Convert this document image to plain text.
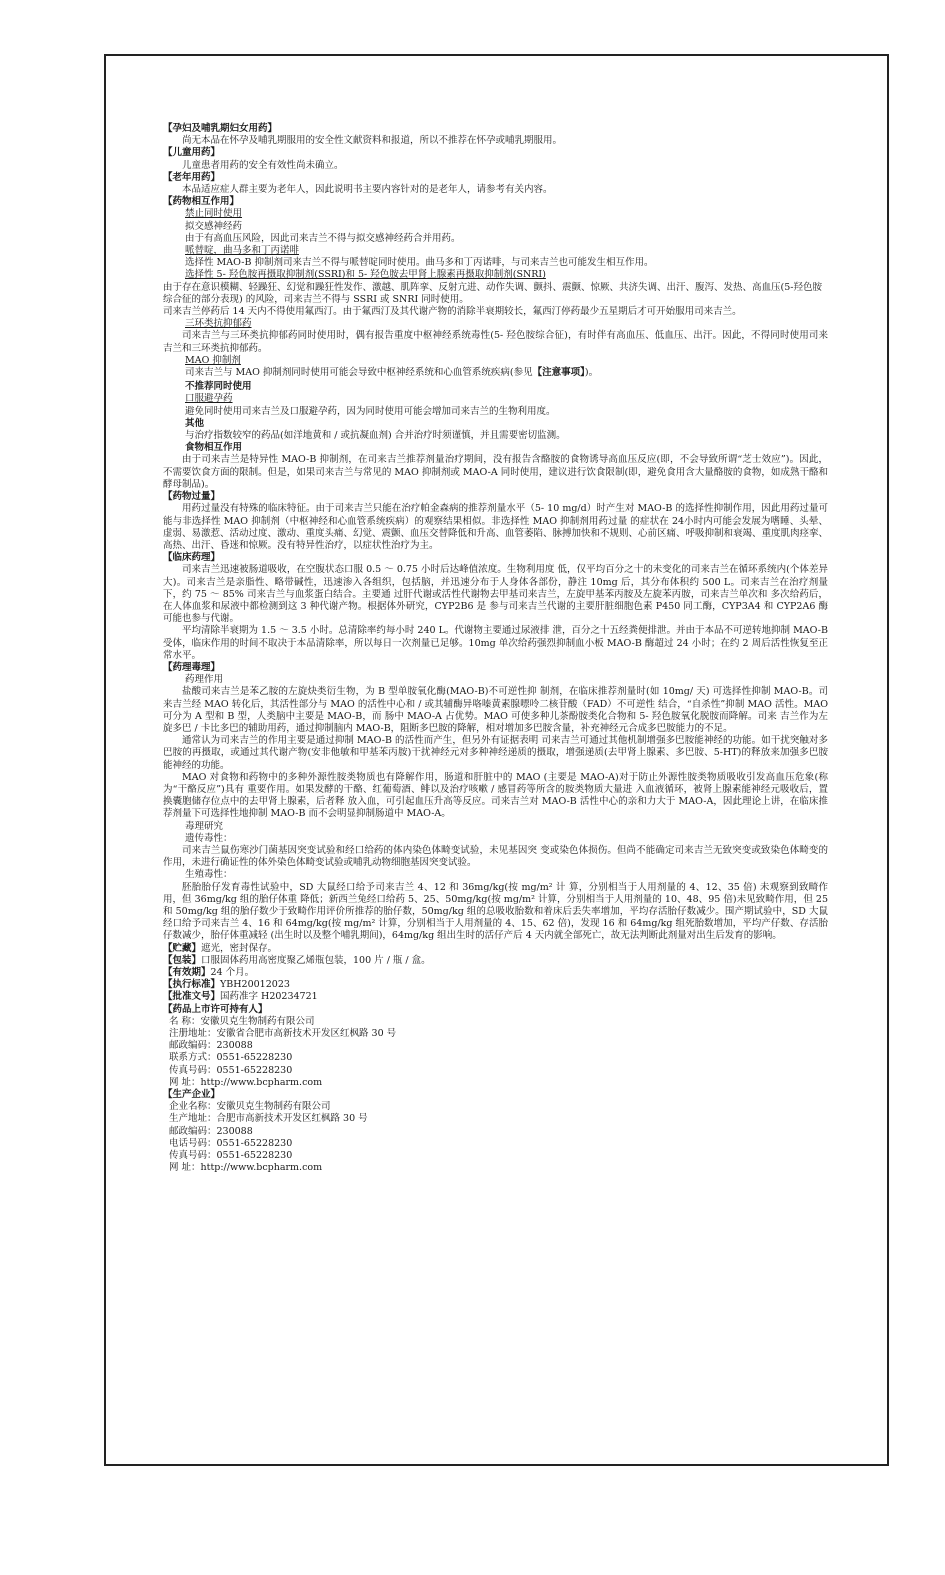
【孕妇及哺乳期妇女用药】
尚无本品在怀孕及哺乳期服用的安全性文献资料和报道，所以不推荐在怀孕或哺乳期服用。
【儿童用药】
儿童患者用药的安全有效性尚未确立。
【老年用药】
本品适应症人群主要为老年人，因此说明书主要内容针对的是老年人，请参考有关内容。
【药物相互作用】
禁止同时使用
拟交感神经药
由于有高血压风险，因此司来吉兰不得与拟交感神经药合并用药。
哌替啶，曲马多和丁丙诺啡
选择性 MAO-B 抑制剂司来吉兰不得与哌替啶同时使用。曲马多和丁丙诺啡，与司来吉兰也可能发生相互作用。
选择性 5- 羟色胺再摄取抑制剂(SSRI)和 5- 羟色胺去甲肾上腺素再摄取抑制剂(SNRI)
由于存在意识模糊、轻躁狂、幻觉和躁狂性发作、激越、肌阵挛、反射亢进、动作失调、颤抖、震颤、惊厥、共济失调、出汗、腹泻、发热、高血压(5-羟色胺综合征的部分表现) 的风险，司来吉兰不得与 SSRI 或 SNRI 同时使用。
司来吉兰停药后 14 天内不得使用氟西汀。由于氟西汀及其代谢产物的消除半衰期较长，氟西汀停药最少五星期后才可开始服用司来吉兰。
三环类抗抑郁药
司来吉兰与三环类抗抑郁药同时使用时，偶有报告重度中枢神经系统毒性(5- 羟色胺综合征)，有时伴有高血压、低血压、出汗。因此，不得同时使用司来吉兰和三环类抗抑郁药。
MAO 抑制剂
司来吉兰与 MAO 抑制剂同时使用可能会导致中枢神经系统和心血管系统疾病(参见【注意事项】)。
不推荐同时使用
口服避孕药
避免同时使用司来吉兰及口服避孕药，因为同时使用可能会增加司来吉兰的生物利用度。
其他
与治疗指数较窄的药品(如洋地黄和 / 或抗凝血剂) 合并治疗时须谨慎，并且需要密切监测。
食物相互作用
由于司来吉兰是特异性 MAO-B 抑制剂，在司来吉兰推荐剂量治疗期间，没有报告含酪胺的食物诱导高血压反应(即，不会导致所谓“芝士效应”)。因此，不需要饮食方面的限制。但是，如果司来吉兰与常见的 MAO 抑制剂或 MAO-A 同时使用，建议进行饮食限制(即，避免食用含大量酪胺的食物，如成熟干酪和酵母制品)。
【药物过量】
用药过量没有特殊的临床特征。由于司来吉兰只能在治疗帕金森病的推荐剂量水平（5- 10 mg/d）时产生对 MAO-B 的选择性抑制作用，因此用药过量可能与非选择性 MAO 抑制剂（中枢神经和心血管系统疾病）的观察结果相似。非选择性 MAO 抑制剂用药过量 的症状在 24小时内可能会发展为嗜睡、头晕、虚弱、易激惹、活动过度、激动、重度头痛、幻觉、震颤、血压交替降低和升高、血管萎陷、脉搏加快和不规则、心前区痛、呼吸抑制和衰竭、重度肌肉痉挛、高热、出汗、昏迷和惊厥。没有特异性治疗，以症状性治疗为主。
【临床药理】
司来吉兰迅速被肠道吸收，在空腹状态口服 0.5 ～ 0.75 小时后达峰值浓度。生物利用度 低，仅平均百分之十的未变化的司来吉兰在循环系统内(个体差异大)。司来吉兰是亲脂性、略带碱性，迅速渗入各组织，包括脑，并迅速分布于人身体各部份，静注 10mg 后，其分布体积约 500 L。司来吉兰在治疗剂量下，约 75 ～ 85% 司来吉兰与血浆蛋白结合。主要通 过肝代谢或活性代谢物去甲基司来吉兰，左旋甲基苯丙胺及左旋苯丙胺，司来吉兰单次和 多次给药后，在人体血浆和尿液中都检测到这 3 种代谢产物。根据体外研究，CYP2B6 是 参与司来吉兰代谢的主要肝脏细胞色素 P450 同工酶，CYP3A4 和 CYP2A6 酶可能也参与代谢。
平均清除半衰期为 1.5 ～ 3.5 小时。总清除率约每小时 240 L。代谢物主要通过尿液排 泄，百分之十五经粪便排泄。并由于本品不可逆转地抑制 MAO-B 受体，临床作用的时间不取决于本品清除率，所以每日一次剂量已足够。10mg 单次给药强烈抑制血小板 MAO-B 酶超过 24 小时；在约 2 周后活性恢复至正常水平。
【药理毒理】
药理作用
盐酸司来吉兰是苯乙胺的左旋炔类衍生物，为 B 型单胺氧化酶(MAO-B)不可逆性抑 制剂，在临床推荐剂量时(如 10mg/ 天) 可选择性抑制 MAO-B。司来吉兰经 MAO 转化后，其活性部分与 MAO 的活性中心和 / 或其辅酶异咯嗪黄素腺嘌呤二核苷酸（FAD）不可逆性 结合，“自杀性”抑制 MAO 活性。MAO 可分为 A 型和 B 型，人类脑中主要是 MAO-B，而 肠中 MAO-A 占优势。MAO 可使多种儿茶酚胺类化合物和 5- 羟色胺氧化脱胺而降解。司来 吉兰作为左旋多巴 / 卡比多巴的辅助用药，通过抑制脑内 MAO-B，阻断多巴胺的降解，相对增加多巴胺含量，补充神经元合成多巴胺能力的不足。
通常认为司来吉兰的作用主要是通过抑制 MAO-B 的活性而产生，但另外有证据表明 司来吉兰可通过其他机制增强多巴胺能神经的功能。如干扰突触对多巴胺的再摄取，或通过其代谢产物(安非他敏和甲基苯丙胺)干扰神经元对多种神经递质的摄取，增强递质(去甲肾上腺素、多巴胺、5-HT)的释放来加强多巴胺能神经的功能。
MAO 对食物和药物中的多种外源性胺类物质也有降解作用，肠道和肝脏中的 MAO (主要是 MAO-A)对于防止外源性胺类物质吸收引发高血压危象(称为“干酪反应”)具有 重要作用。如果发酵的干酪、红葡萄酒、鲱以及治疗咳嗽 / 感冒药等所含的胺类物质大量进 入血液循环，被肾上腺素能神经元吸收后，置换囊胞储存位点中的去甲肾上腺素，后者释 放入血，可引起血压升高等反应。司来吉兰对 MAO-B 活性中心的亲和力大于 MAO-A，因此理论上讲，在临床推荐剂量下可选择性地抑制 MAO-B 而不会明显抑制肠道中 MAO-A。
毒理研究
遗传毒性：
司来吉兰鼠伤寒沙门菌基因突变试验和经口给药的体内染色体畸变试验，未见基因突 变或染色体损伤。但尚不能确定司来吉兰无致突变或致染色体畸变的作用，未进行确证性的体外染色体畸变试验或哺乳动物细胞基因突变试验。
生殖毒性：
胚胎胎仔发育毒性试验中，SD 大鼠经口给予司来吉兰 4、12 和 36mg/kg(按 mg/m² 计 算，分别相当于人用剂量的 4、12、35 倍) 未观察到致畸作用，但 36mg/kg 组的胎仔体重 降低；新西兰兔经口给药 5、25、50mg/kg(按 mg/m² 计算，分别相当于人用剂量的 10、48、95 倍)未见致畸作用，但 25 和 50mg/kg 组的胎仔数少于致畸作用评价所推荐的胎仔数，50mg/kg 组的总吸收胎数和着床后丢失率增加，平均存活胎仔数减少。围产期试验中，SD 大鼠经口给予司来吉兰 4、16 和 64mg/kg(按 mg/m² 计算，分别相当于人用剂量的 4、15、62 倍)，发现 16 和 64mg/kg 组死胎数增加，平均产仔数、存活胎仔数减少，胎仔体重减轻 (出生时以及整个哺乳期间)，64mg/kg 组出生时的活仔产后 4 天内就全部死亡，故无法判断此剂量对出生后发育的影响。
【贮藏】遮光，密封保存。
【包装】口服固体药用高密度聚乙烯瓶包装，100 片 / 瓶 / 盒。
【有效期】24 个月。
【执行标准】YBH20012023
【批准文号】国药准字 H20234721
【药品上市许可持有人】
名 称：安徽贝克生物制药有限公司
注册地址：安徽省合肥市高新技术开发区红枫路 30 号
邮政编码：230088
联系方式：0551-65228230
传真号码：0551-65228230
网 址：http://www.bcpharm.com
【生产企业】
企业名称：安徽贝克生物制药有限公司
生产地址：合肥市高新技术开发区红枫路 30 号
邮政编码：230088
电话号码：0551-65228230
传真号码：0551-65228230
网 址：http://www.bcpharm.com
